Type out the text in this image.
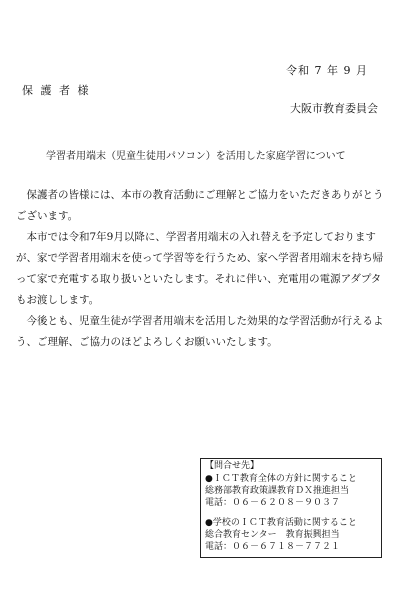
令和 7 年 9 月
保 護 者 様
大阪市教育委員会
学習者用端末（児童生徒用パソコン）を活用した家庭学習について
保護者の皆様には、本市の教育活動にご理解とご協力をいただきありがとうございます。
本市では令和7年9月以降に、学習者用端末の入れ替えを予定しておりますが、家で学習者用端末を使って学習等を行うため、家へ学習者用端末を持ち帰って家で充電する取り扱いといたします。それに伴い、充電用の電源アダプタもお渡しします。
今後とも、児童生徒が学習者用端末を活用した効果的な学習活動が行えるよう、ご理解、ご協力のほどよろしくお願いいたします。
【問合せ先】
●ＩＣＴ教育全体の方針に関すること
総務部教育政策課教育ＤＸ推進担当
電話：０６－６２０８－９０３７
●学校のＩＣＴ教育活動に関すること
総合教育センター　教育振興担当
電話：０６－６７１８－７７２１
